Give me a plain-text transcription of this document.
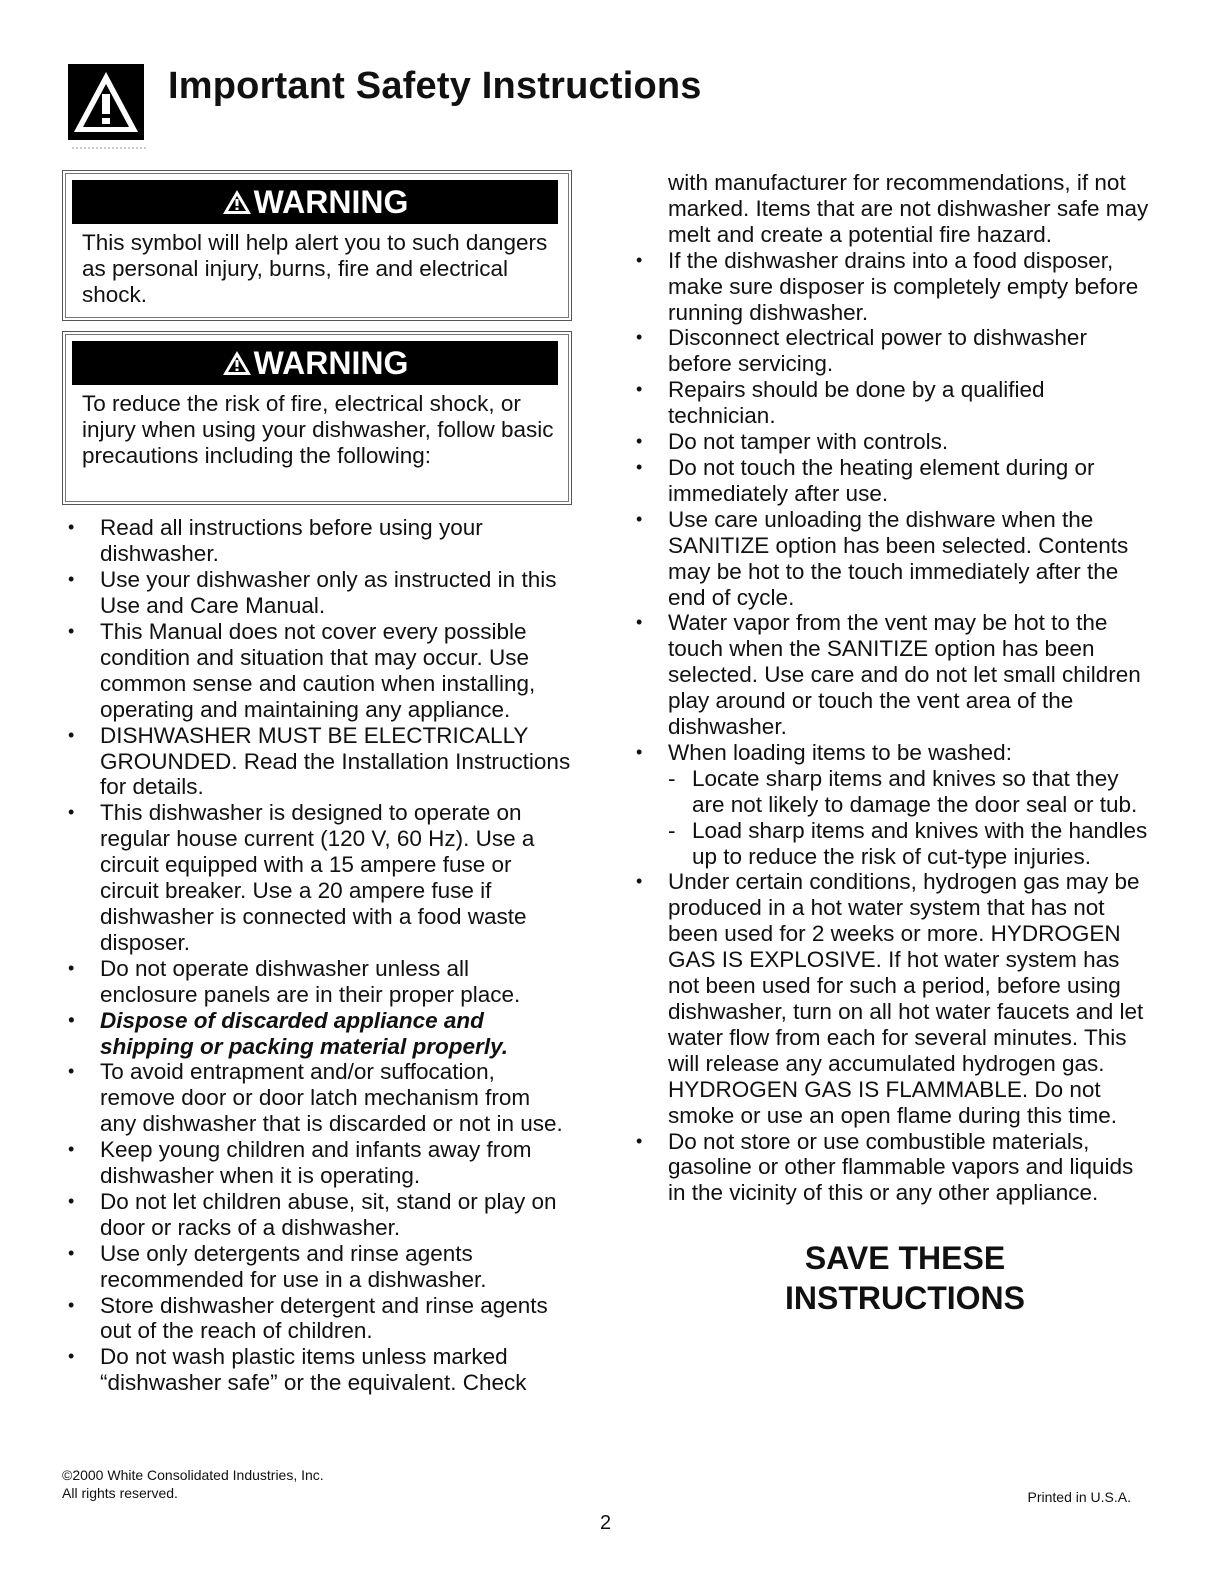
Important Safety Instructions
WARNING

This symbol will help alert you to such dangers as personal injury, burns, fire and electrical shock.

WARNING

To reduce the risk of fire, electrical shock, or injury when using your dishwasher, follow basic precautions including the following:

• Read all instructions before using your dishwasher.
• Use your dishwasher only as instructed in this Use and Care Manual.
• This Manual does not cover every possible condition and situation that may occur. Use common sense and caution when installing, operating and maintaining any appliance.
• DISHWASHER MUST BE ELECTRICALLY GROUNDED. Read the Installation Instructions for details.
• This dishwasher is designed to operate on regular house current (120 V, 60 Hz). Use a circuit equipped with a 15 ampere fuse or circuit breaker. Use a 20 ampere fuse if dishwasher is connected with a food waste disposer.
• Do not operate dishwasher unless all enclosure panels are in their proper place.
• Dispose of discarded appliance and shipping or packing material properly.
• To avoid entrapment and/or suffocation, remove door or door latch mechanism from any dishwasher that is discarded or not in use.
• Keep young children and infants away from dishwasher when it is operating.
• Do not let children abuse, sit, stand or play on door or racks of a dishwasher.
• Use only detergents and rinse agents recommended for use in a dishwasher.
• Store dishwasher detergent and rinse agents out of the reach of children.
• Do not wash plastic items unless marked “dishwasher safe” or the equivalent. Check

with manufacturer for recommendations, if not marked. Items that are not dishwasher safe may melt and create a potential fire hazard.

• If the dishwasher drains into a food disposer, make sure disposer is completely empty before running dishwasher.
• Disconnect electrical power to dishwasher before servicing.
• Repairs should be done by a qualified technician.
• Do not tamper with controls.
• Do not touch the heating element during or immediately after use.
• Use care unloading the dishware when the SANITIZE option has been selected. Contents may be hot to the touch immediately after the end of cycle.
• Water vapor from the vent may be hot to the touch when the SANITIZE option has been selected. Use care and do not let small children play around or touch the vent area of the dishwasher.
• When loading items to be washed:
- Locate sharp items and knives so that they are not likely to damage the door seal or tub.
- Load sharp items and knives with the handles up to reduce the risk of cut-type injuries.
• Under certain conditions, hydrogen gas may be produced in a hot water system that has not been used for 2 weeks or more. HYDROGEN GAS IS EXPLOSIVE. If hot water system has not been used for such a period, before using dishwasher, turn on all hot water faucets and let water flow from each for several minutes. This will release any accumulated hydrogen gas. HYDROGEN GAS IS FLAMMABLE. Do not smoke or use an open flame during this time.
• Do not store or use combustible materials, gasoline or other flammable vapors and liquids in the vicinity of this or any other appliance.
SAVE THESE
INSTRUCTIONS
©2000 White Consolidated Industries, Inc.
All rights reserved.	Printed in U.S.A.
2
